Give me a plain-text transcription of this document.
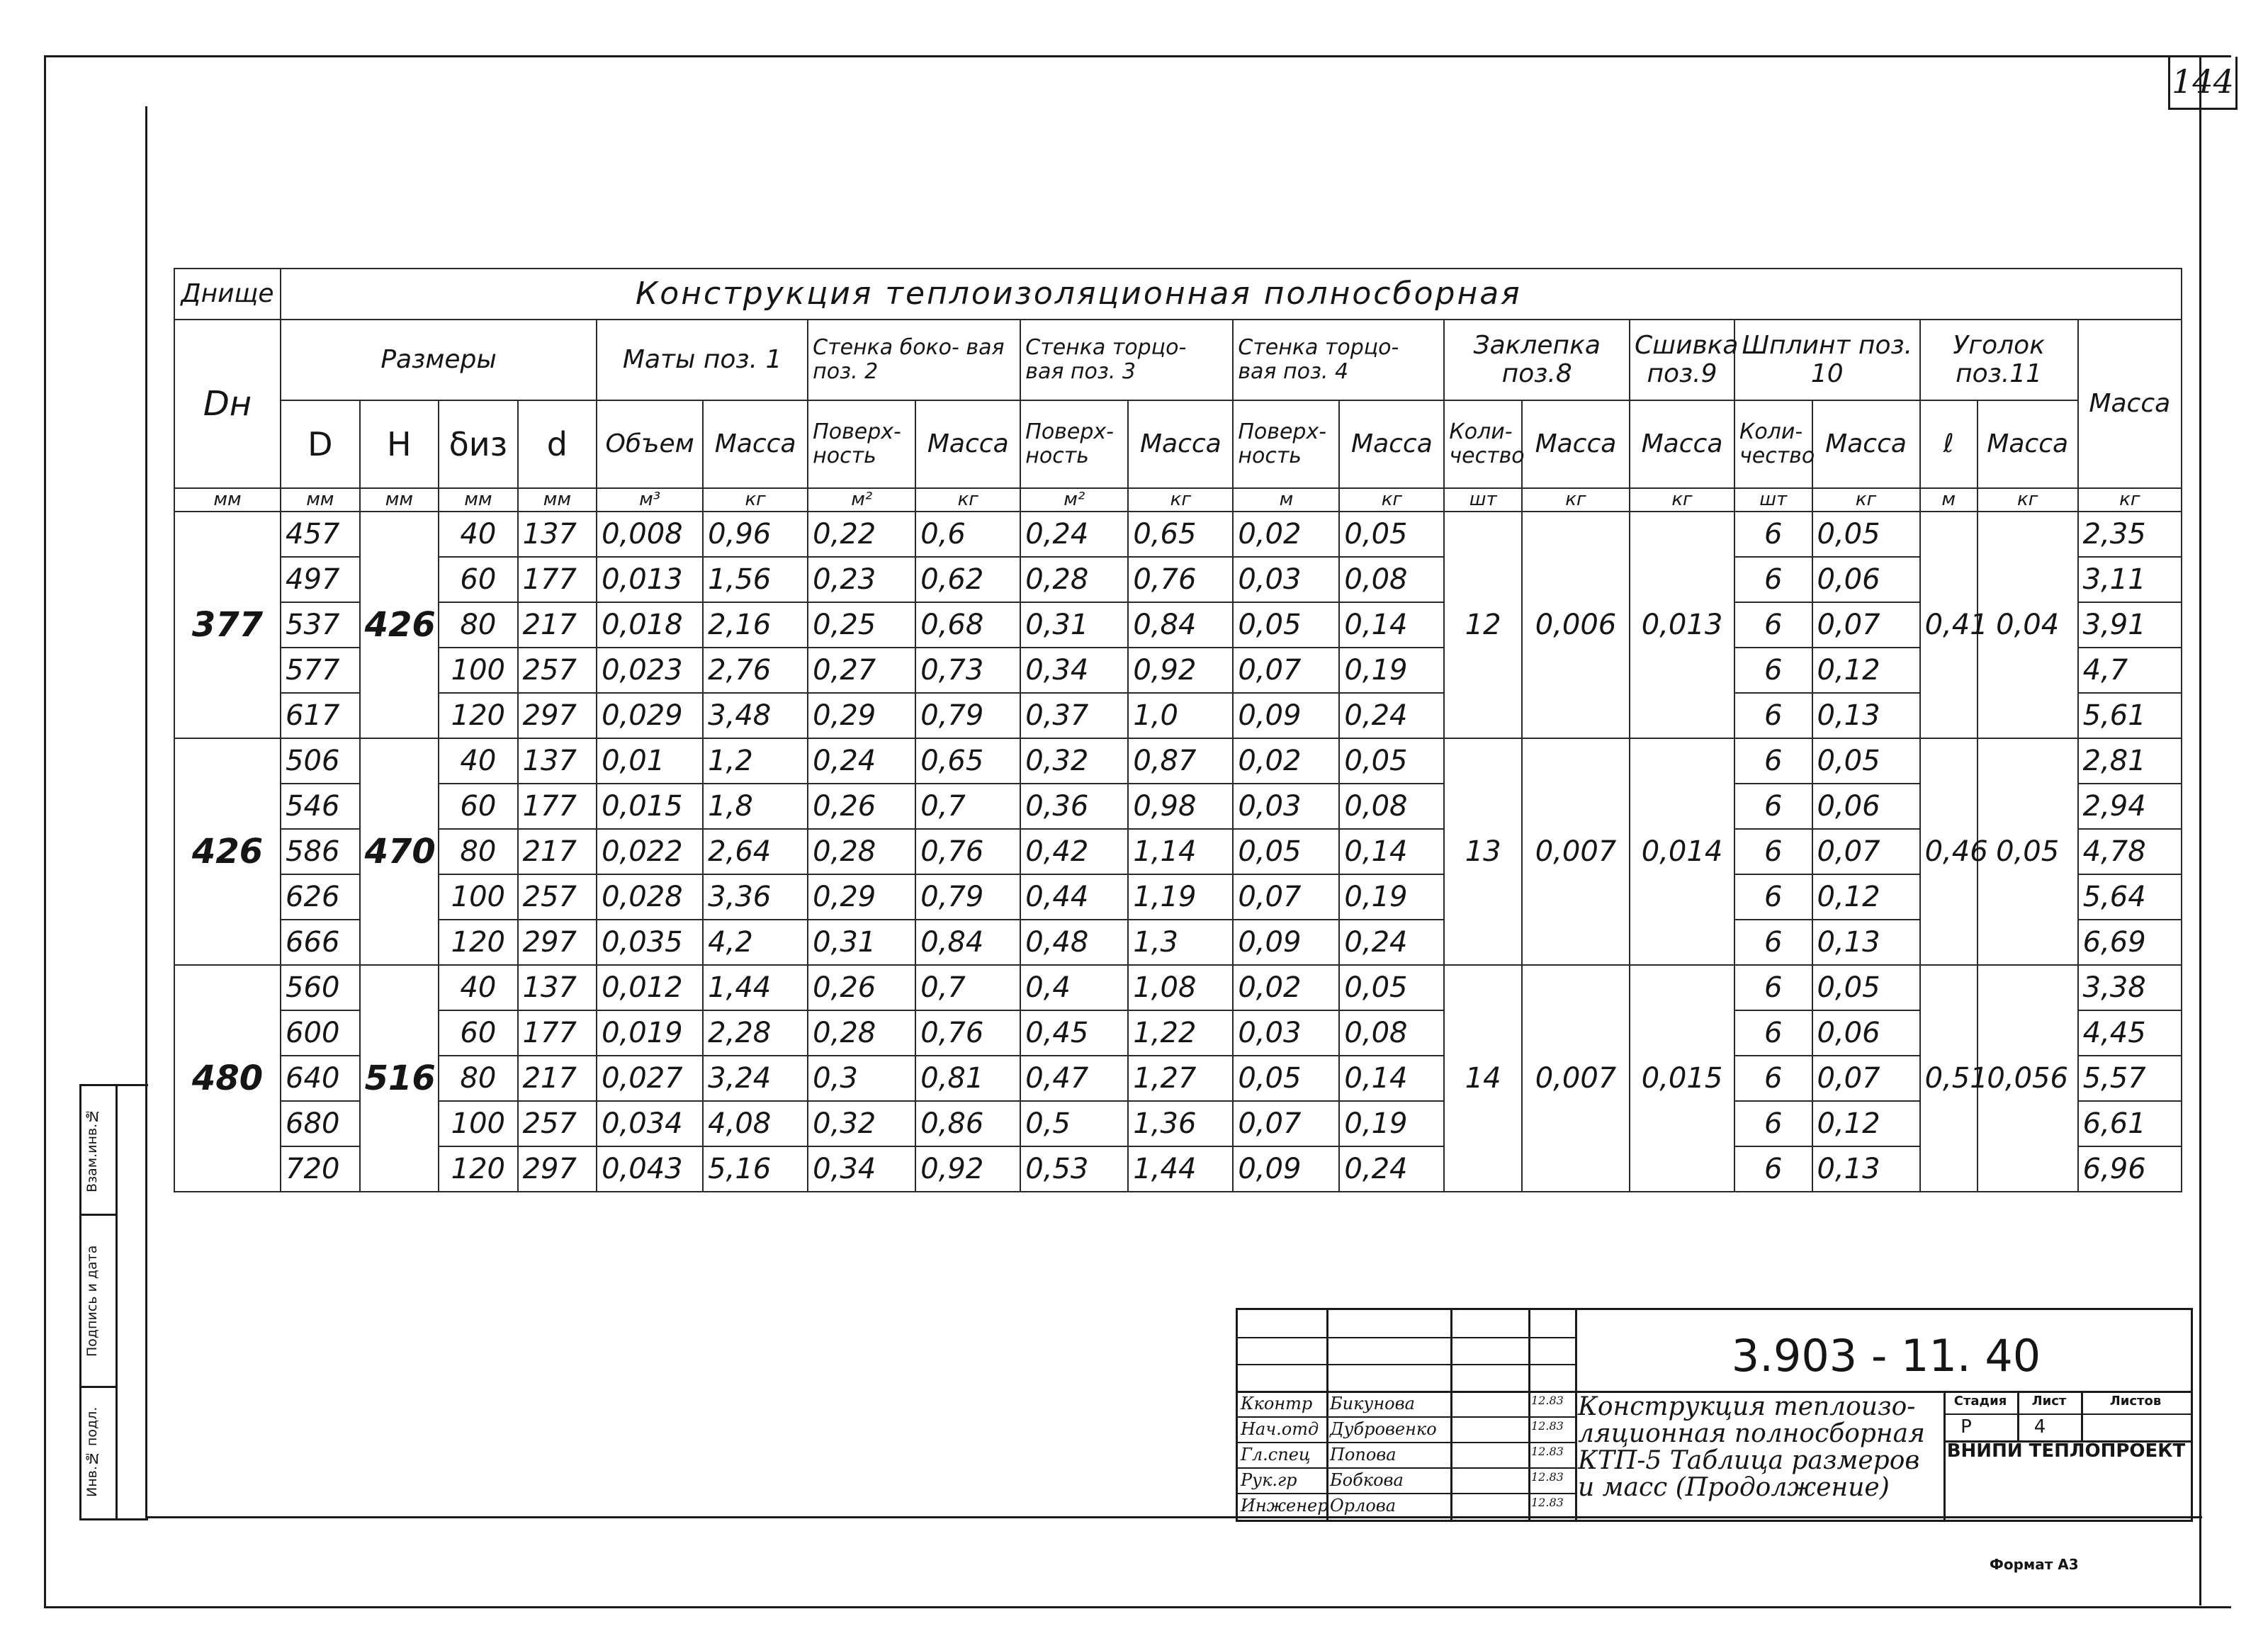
144
Взам.инв.№
Подпись и дата
Инв.№ подл.
Днище	Конструкция теплоизоляционная полносборная																			
Dн	Размеры				Маты поз. 1		Стенка боко- вая поз. 2		Стенка торцо- вая поз. 3		Стенка торцо- вая поз. 4		Заклепка поз.8		Сшивка поз.9	Шплинт поз. 10		Уголок поз.11		Масса
	D	H	δиз	d	Объем	Масса	Поверх- ность	Масса	Поверх- ность	Масса	Поверх- ность	Масса	Коли- чество	Масса	Масса	Коли- чество	Масса	ℓ	Масса	
мм	мм	мм	мм	мм	м³	кг	м²	кг	м²	кг	м	кг	шт	кг	кг	шт	кг	м	кг	кг
377	457	426	40	137	0,008	0,96	0,22	0,6	0,24	0,65	0,02	0,05	12	0,006	0,013	6	0,05	0,41	0,04	2,35
	497		60	177	0,013	1,56	0,23	0,62	0,28	0,76	0,03	0,08				6	0,06			3,11
	537		80	217	0,018	2,16	0,25	0,68	0,31	0,84	0,05	0,14				6	0,07			3,91
	577		100	257	0,023	2,76	0,27	0,73	0,34	0,92	0,07	0,19				6	0,12			4,7
	617		120	297	0,029	3,48	0,29	0,79	0,37	1,0	0,09	0,24				6	0,13			5,61
426	506	470	40	137	0,01	1,2	0,24	0,65	0,32	0,87	0,02	0,05	13	0,007	0,014	6	0,05	0,46	0,05	2,81
	546		60	177	0,015	1,8	0,26	0,7	0,36	0,98	0,03	0,08				6	0,06			2,94
	586		80	217	0,022	2,64	0,28	0,76	0,42	1,14	0,05	0,14				6	0,07			4,78
	626		100	257	0,028	3,36	0,29	0,79	0,44	1,19	0,07	0,19				6	0,12			5,64
	666		120	297	0,035	4,2	0,31	0,84	0,48	1,3	0,09	0,24				6	0,13			6,69
480	560	516	40	137	0,012	1,44	0,26	0,7	0,4	1,08	0,02	0,05	14	0,007	0,015	6	0,05	0,51	0,056	3,38
	600		60	177	0,019	2,28	0,28	0,76	0,45	1,22	0,03	0,08				6	0,06			4,45
	640		80	217	0,027	3,24	0,3	0,81	0,47	1,27	0,05	0,14				6	0,07			5,57
	680		100	257	0,034	4,08	0,32	0,86	0,5	1,36	0,07	0,19				6	0,12			6,61
	720		120	297	0,043	5,16	0,34	0,92	0,53	1,44	0,09	0,24				6	0,13			6,96
3.903 - 11. 40
Кконтр	Бикунова	12.83
Нач.отд Дубровенко	12.83
Гл.спец	Попова	12.83
Рук.гр	Бобкова	12.83
Инженер Орлова	12.83
Конструкция теплоизо- ляционная полносборная КТП-5 Таблица размеров и масс (Продолжение)
Стадия	Лист	Листов
Р	4
ВНИПИ ТЕПЛОПРОЕКТ
Формат А3
